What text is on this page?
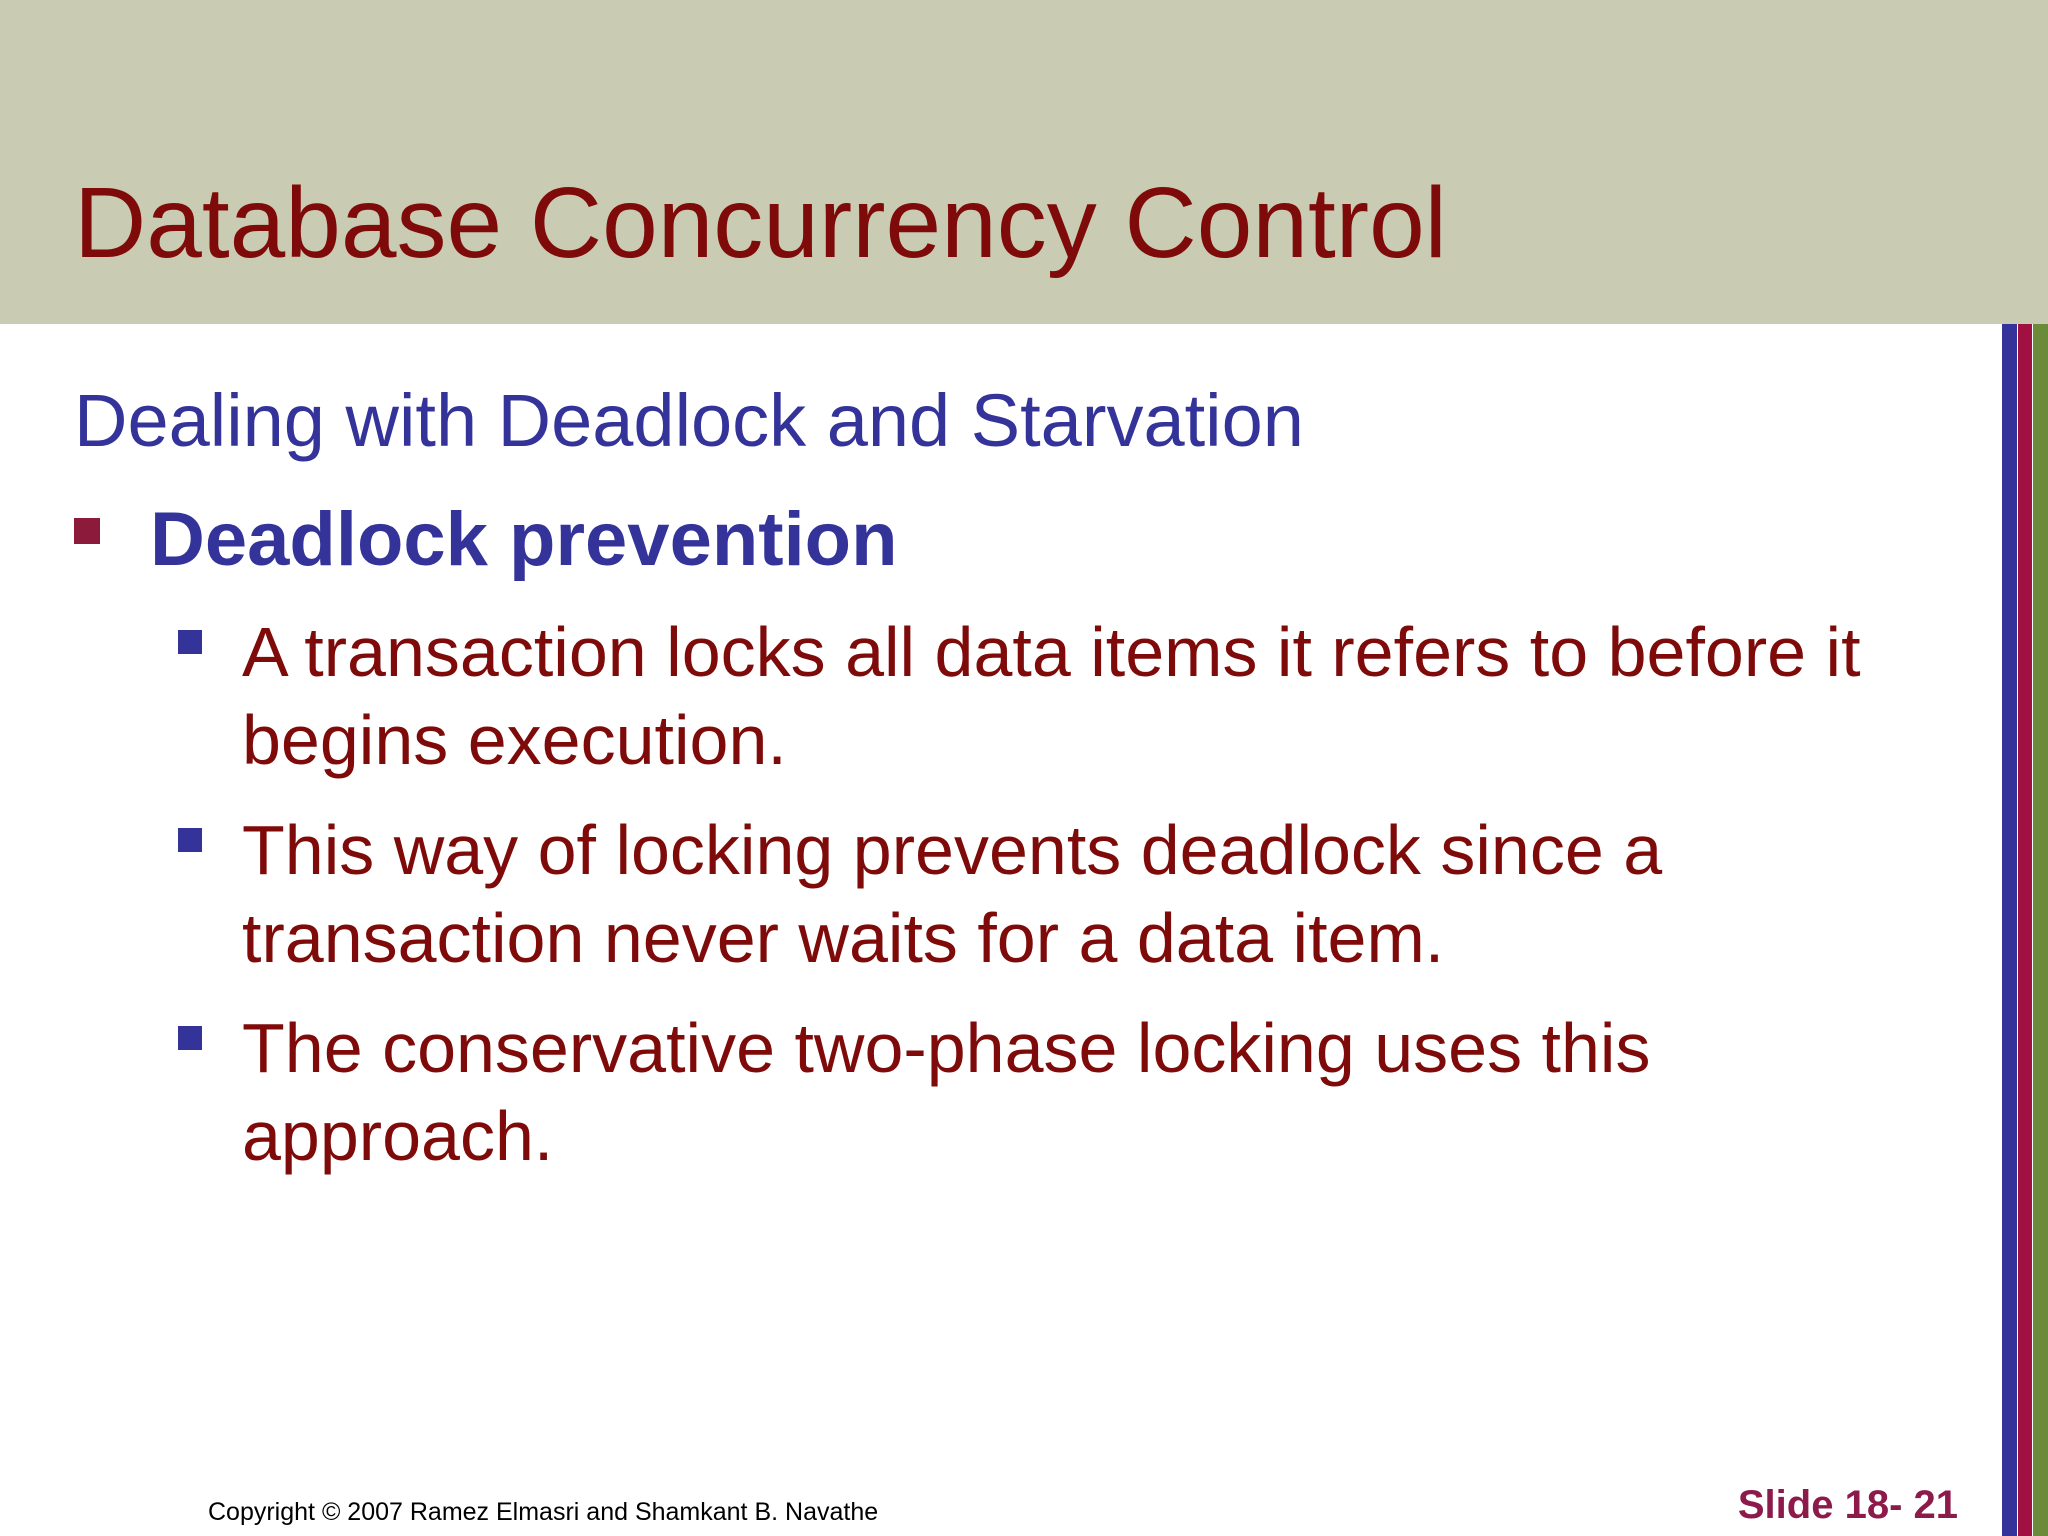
Database Concurrency Control
Dealing with Deadlock and Starvation
Deadlock prevention
A transaction locks all data items it refers to before it begins execution.
This way of locking prevents deadlock since a transaction never waits for a data item.
The conservative two-phase locking uses this approach.
Copyright © 2007 Ramez Elmasri and Shamkant B. Navathe	Slide 18- 21
